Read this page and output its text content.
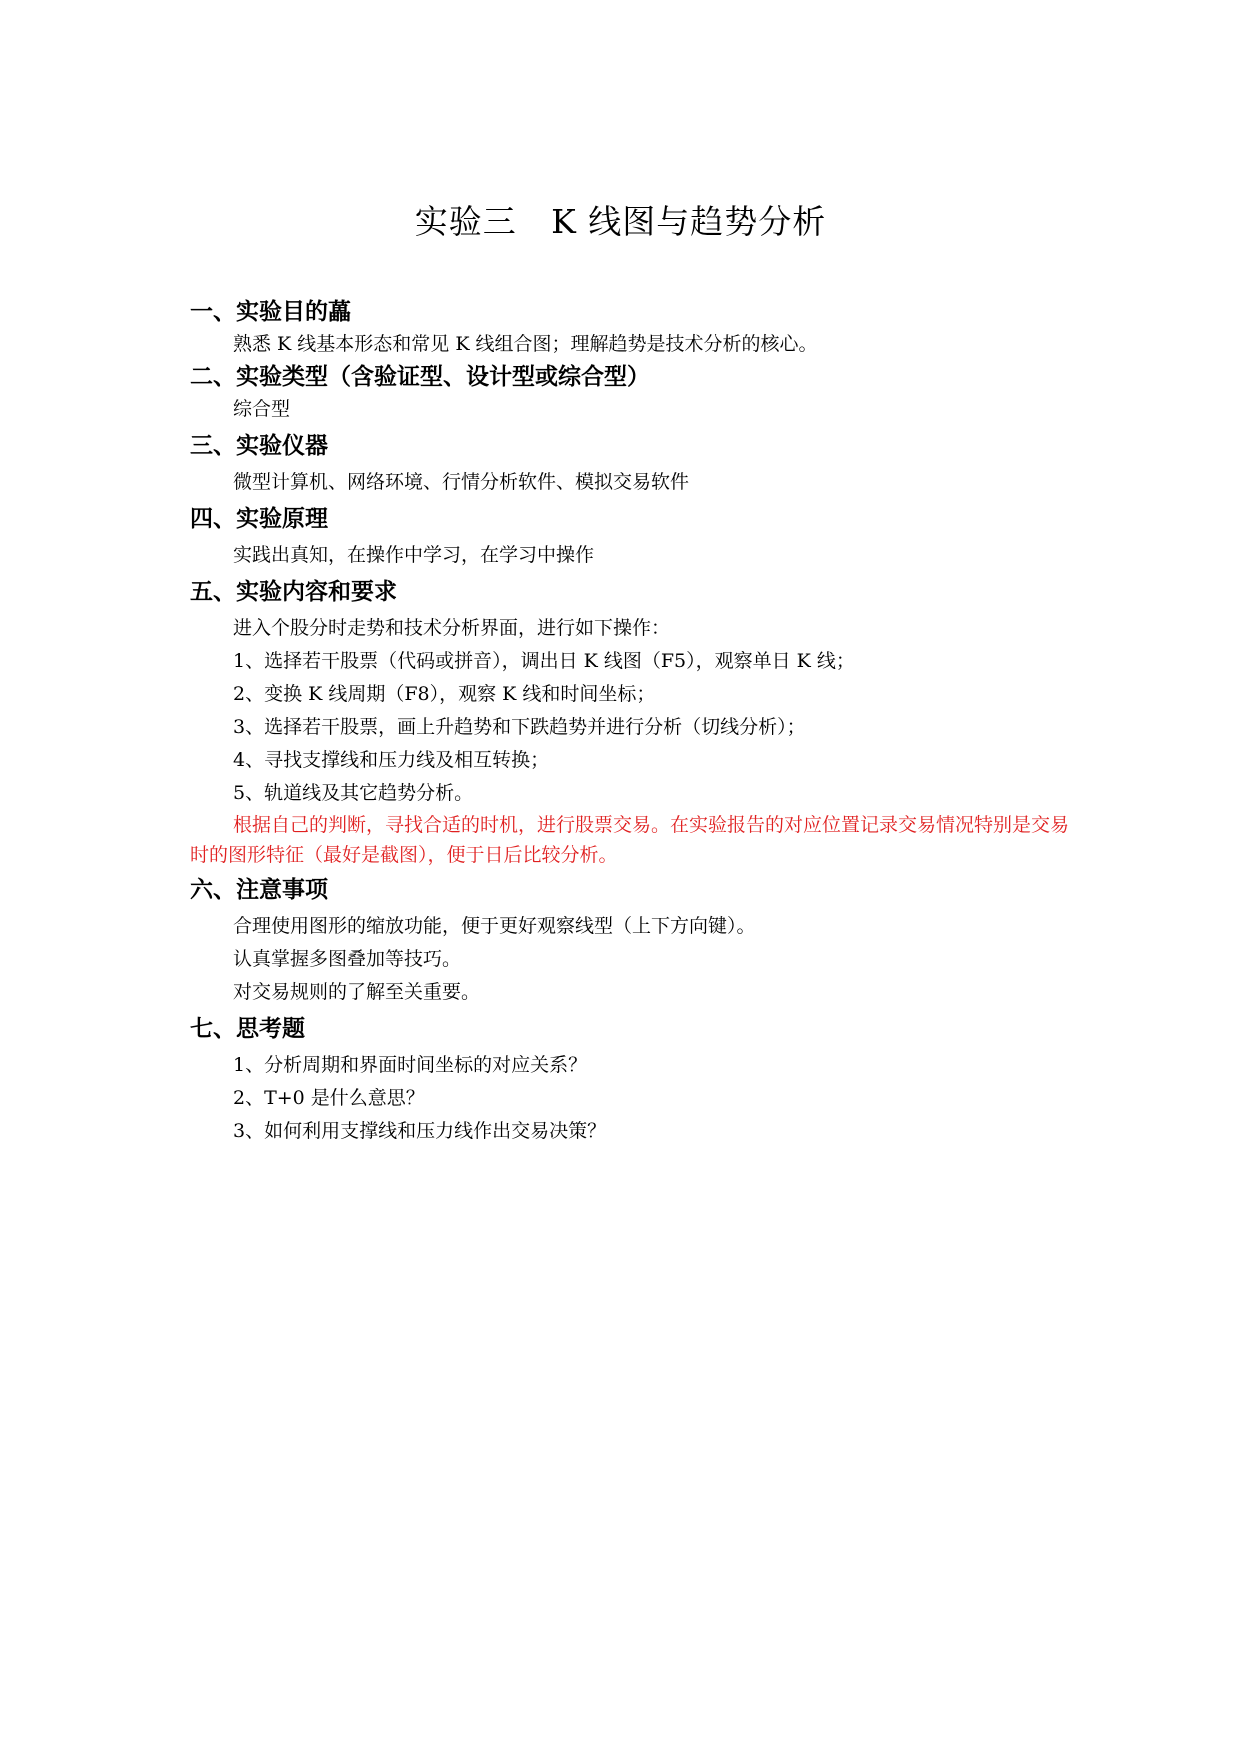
实验三   K 线图与趋势分析
一、实验目的藟
熟悉 K 线基本形态和常见 K 线组合图；理解趋势是技术分析的核心。
二、实验类型（含验证型、设计型或综合型）
综合型
三、实验仪器
微型计算机、网络环境、行情分析软件、模拟交易软件
四、实验原理
实践出真知，在操作中学习，在学习中操作
五、实验内容和要求
进入个股分时走势和技术分析界面，进行如下操作：
1、选择若干股票（代码或拼音），调出日 K 线图（F5），观察单日 K 线；
2、变换 K 线周期（F8），观察 K 线和时间坐标；
3、选择若干股票，画上升趋势和下跌趋势并进行分析（切线分析）；
4、寻找支撑线和压力线及相互转换；
5、轨道线及其它趋势分析。
根据自己的判断，寻找合适的时机，进行股票交易。在实验报告的对应位置记录交易情况特别是交易时的图形特征（最好是截图），便于日后比较分析。
六、注意事项
合理使用图形的缩放功能，便于更好观察线型（上下方向键）。
认真掌握多图叠加等技巧。
对交易规则的了解至关重要。
七、思考题
1、分析周期和界面时间坐标的对应关系？
2、T+0 是什么意思？
3、如何利用支撑线和压力线作出交易决策？
